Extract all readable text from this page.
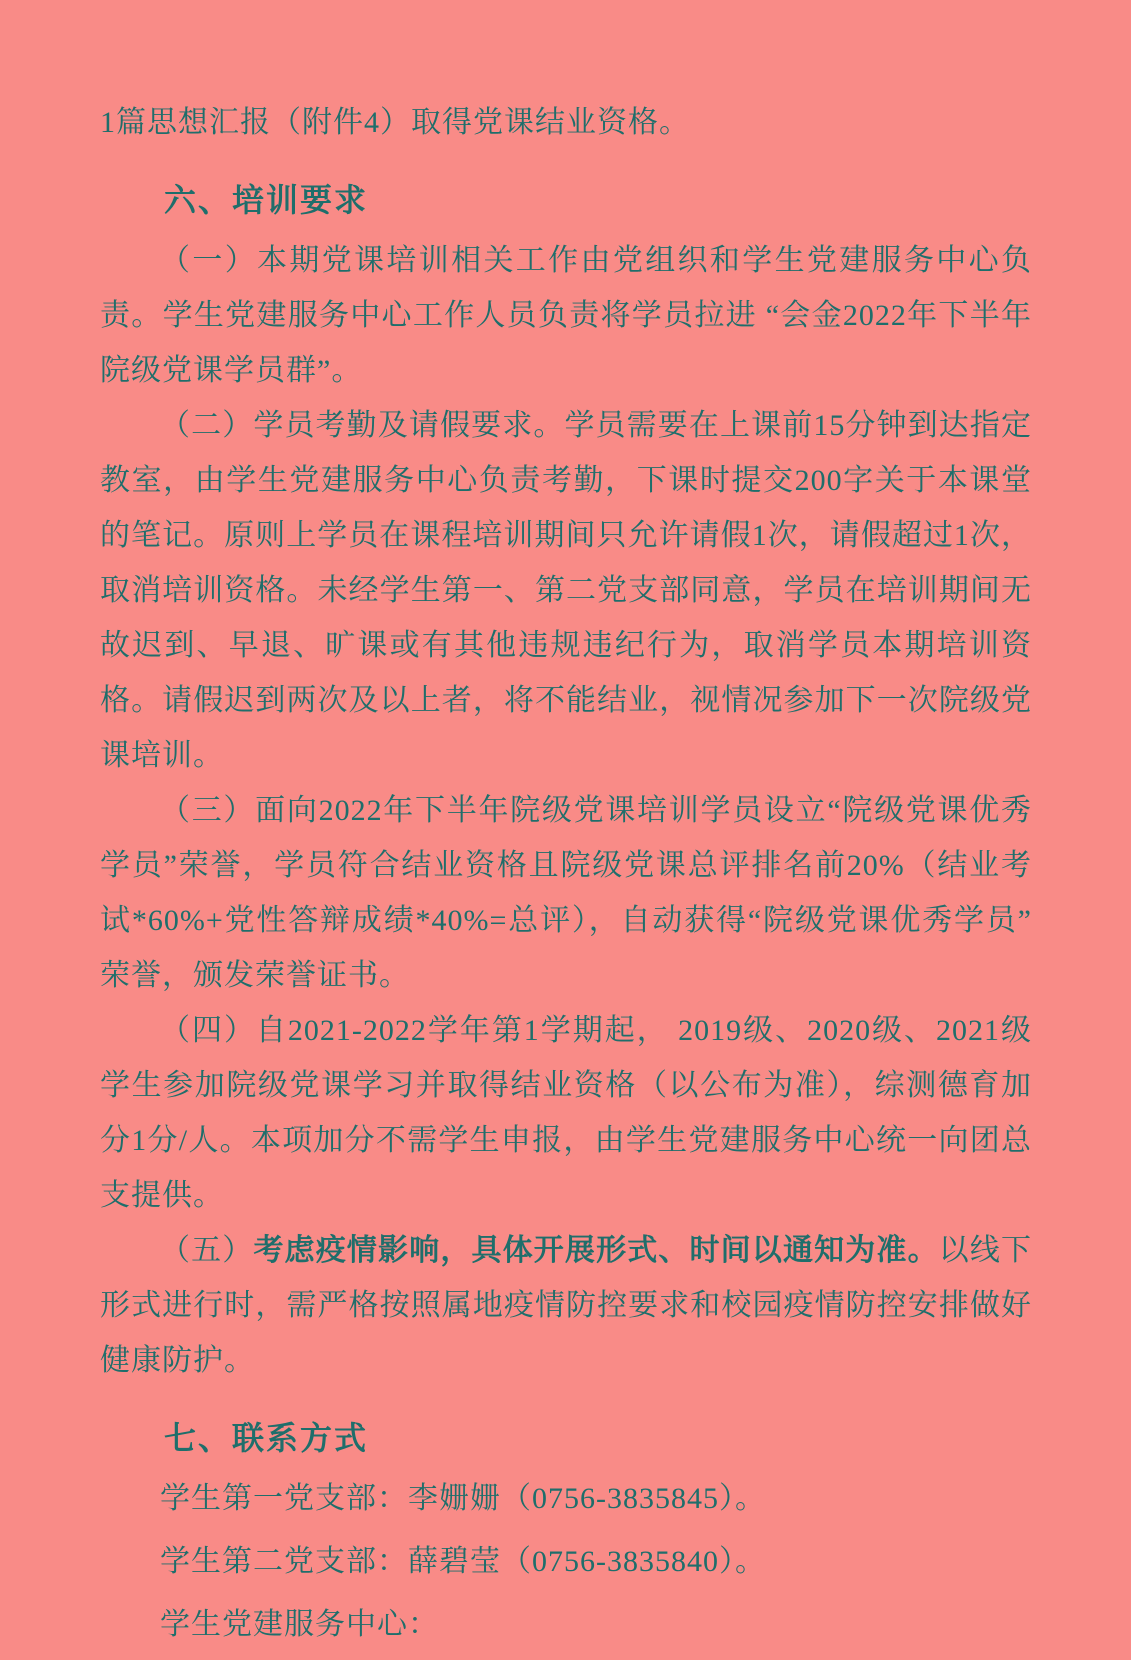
1篇思想汇报（附件4）取得党课结业资格。

六、培训要求

（一）本期党课培训相关工作由党组织和学生党建服务中心负责。学生党建服务中心工作人员负责将学员拉进 “会金2022年下半年院级党课学员群”。

（二）学员考勤及请假要求。学员需要在上课前15分钟到达指定教室，由学生党建服务中心负责考勤，下课时提交200字关于本课堂的笔记。原则上学员在课程培训期间只允许请假1次，请假超过1次，取消培训资格。未经学生第一、第二党支部同意，学员在培训期间无故迟到、早退、旷课或有其他违规违纪行为，取消学员本期培训资格。请假迟到两次及以上者，将不能结业，视情况参加下一次院级党课培训。

（三）面向2022年下半年院级党课培训学员设立“院级党课优秀学员”荣誉，学员符合结业资格且院级党课总评排名前20%（结业考试*60%+党性答辩成绩*40%=总评），自动获得“院级党课优秀学员”荣誉，颁发荣誉证书。

（四）自2021-2022学年第1学期起， 2019级、2020级、2021级学生参加院级党课学习并取得结业资格（以公布为准），综测德育加分1分/人。本项加分不需学生申报，由学生党建服务中心统一向团总支提供。

（五）考虑疫情影响，具体开展形式、时间以通知为准。以线下形式进行时，需严格按照属地疫情防控要求和校园疫情防控安排做好健康防护。

七、联系方式

学生第一党支部：李姗姗（0756-3835845）。

学生第二党支部：薛碧莹（0756-3835840）。

学生党建服务中心：
